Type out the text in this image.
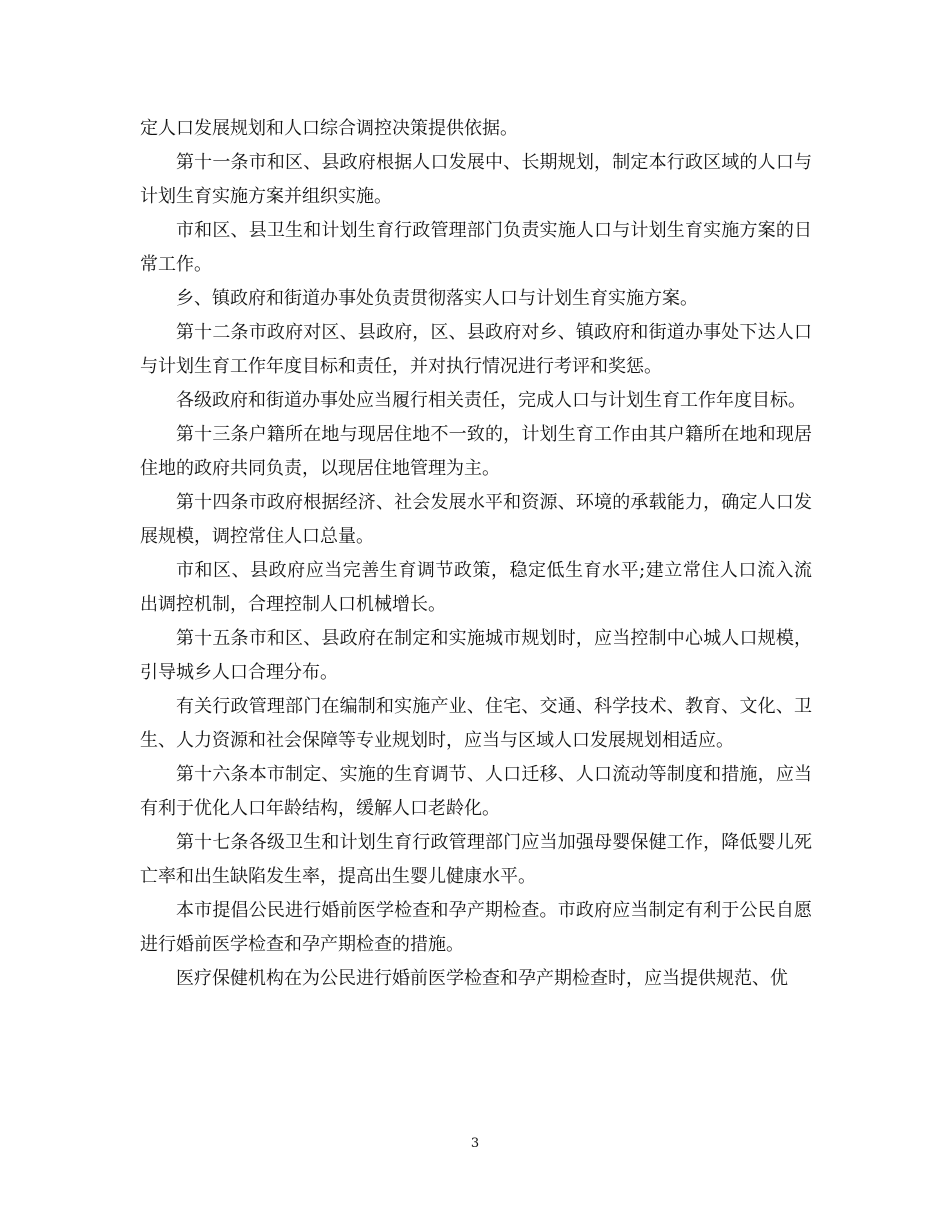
定人口发展规划和人口综合调控决策提供依据。

第十一条市和区、县政府根据人口发展中、长期规划，制定本行政区域的人口与计划生育实施方案并组织实施。

市和区、县卫生和计划生育行政管理部门负责实施人口与计划生育实施方案的日常工作。

乡、镇政府和街道办事处负责贯彻落实人口与计划生育实施方案。

第十二条市政府对区、县政府，区、县政府对乡、镇政府和街道办事处下达人口与计划生育工作年度目标和责任，并对执行情况进行考评和奖惩。

各级政府和街道办事处应当履行相关责任，完成人口与计划生育工作年度目标。

第十三条户籍所在地与现居住地不一致的，计划生育工作由其户籍所在地和现居住地的政府共同负责，以现居住地管理为主。

第十四条市政府根据经济、社会发展水平和资源、环境的承载能力，确定人口发展规模，调控常住人口总量。

市和区、县政府应当完善生育调节政策，稳定低生育水平;建立常住人口流入流出调控机制，合理控制人口机械增长。

第十五条市和区、县政府在制定和实施城市规划时，应当控制中心城人口规模，引导城乡人口合理分布。

有关行政管理部门在编制和实施产业、住宅、交通、科学技术、教育、文化、卫生、人力资源和社会保障等专业规划时，应当与区域人口发展规划相适应。

第十六条本市制定、实施的生育调节、人口迁移、人口流动等制度和措施，应当有利于优化人口年龄结构，缓解人口老龄化。

第十七条各级卫生和计划生育行政管理部门应当加强母婴保健工作，降低婴儿死亡率和出生缺陷发生率，提高出生婴儿健康水平。

本市提倡公民进行婚前医学检查和孕产期检查。市政府应当制定有利于公民自愿进行婚前医学检查和孕产期检查的措施。

医疗保健机构在为公民进行婚前医学检查和孕产期检查时，应当提供规范、优

3
